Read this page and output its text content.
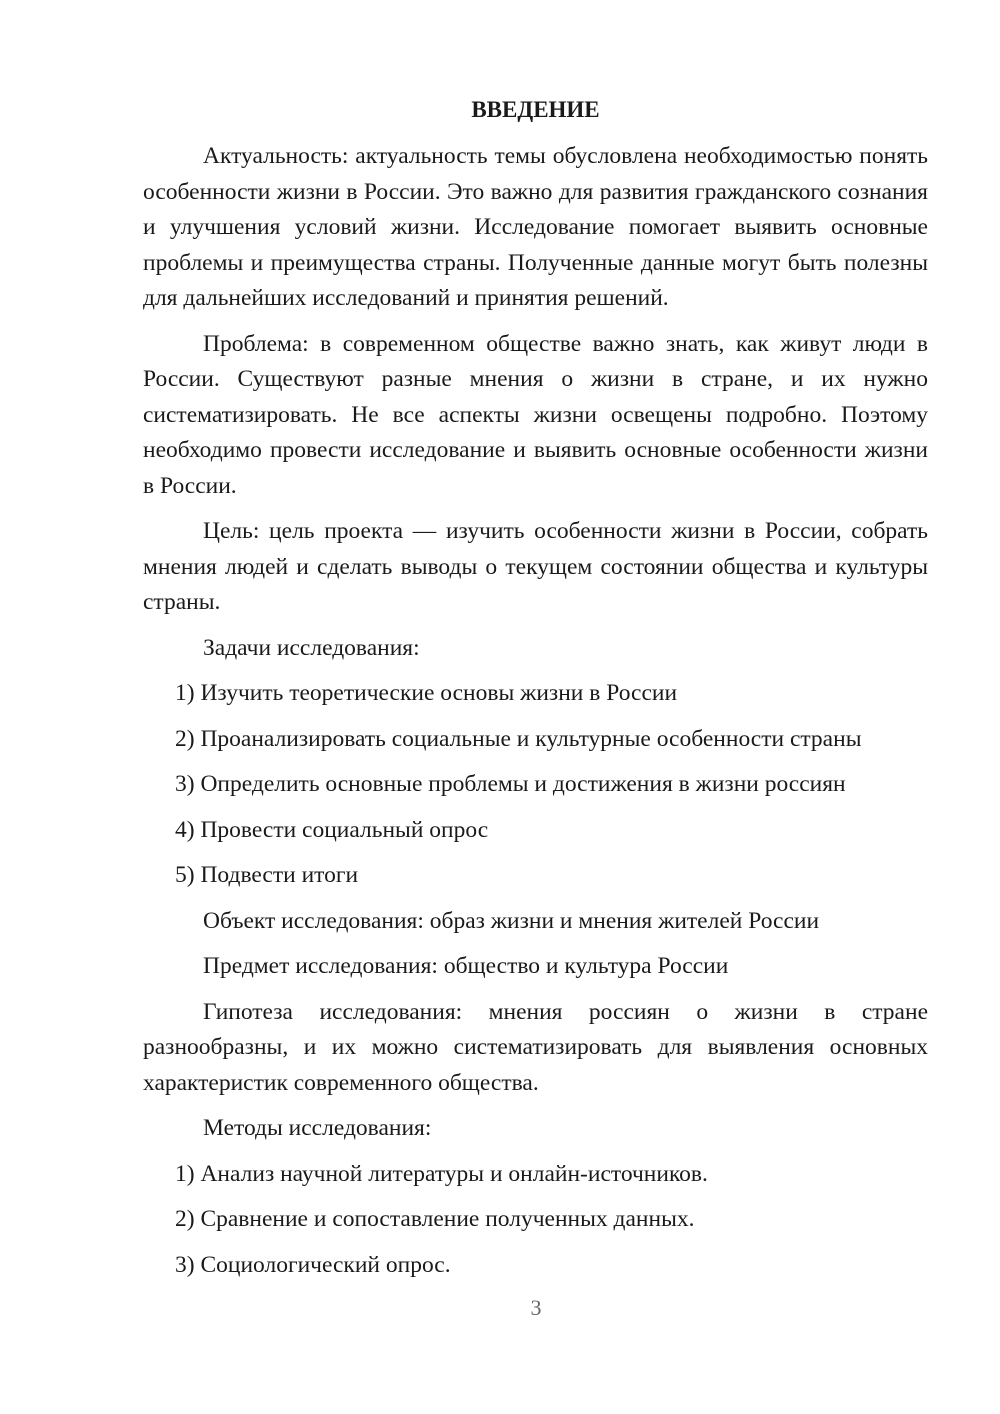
ВВЕДЕНИЕ

Актуальность: актуальность темы обусловлена необходимостью понять особенности жизни в России. Это важно для развития гражданского сознания и улучшения условий жизни. Исследование помогает выявить основные проблемы и преимущества страны. Полученные данные могут быть полезны для дальнейших исследований и принятия решений.

Проблема: в современном обществе важно знать, как живут люди в России. Существуют разные мнения о жизни в стране, и их нужно систематизировать. Не все аспекты жизни освещены подробно. Поэтому необходимо провести исследование и выявить основные особенности жизни в России.

Цель: цель проекта — изучить особенности жизни в России, собрать мнения людей и сделать выводы о текущем состоянии общества и культуры страны.

Задачи исследования:

1) Изучить теоретические основы жизни в России

2) Проанализировать социальные и культурные особенности страны

3) Определить основные проблемы и достижения в жизни россиян

4) Провести социальный опрос

5) Подвести итоги

Объект исследования: образ жизни и мнения жителей России

Предмет исследования: общество и культура России

Гипотеза исследования: мнения россиян о жизни в стране разнообразны, и их можно систематизировать для выявления основных характеристик современного общества.

Методы исследования:

1) Анализ научной литературы и онлайн-источников.

2) Сравнение и сопоставление полученных данных.

3) Социологический опрос.

3
